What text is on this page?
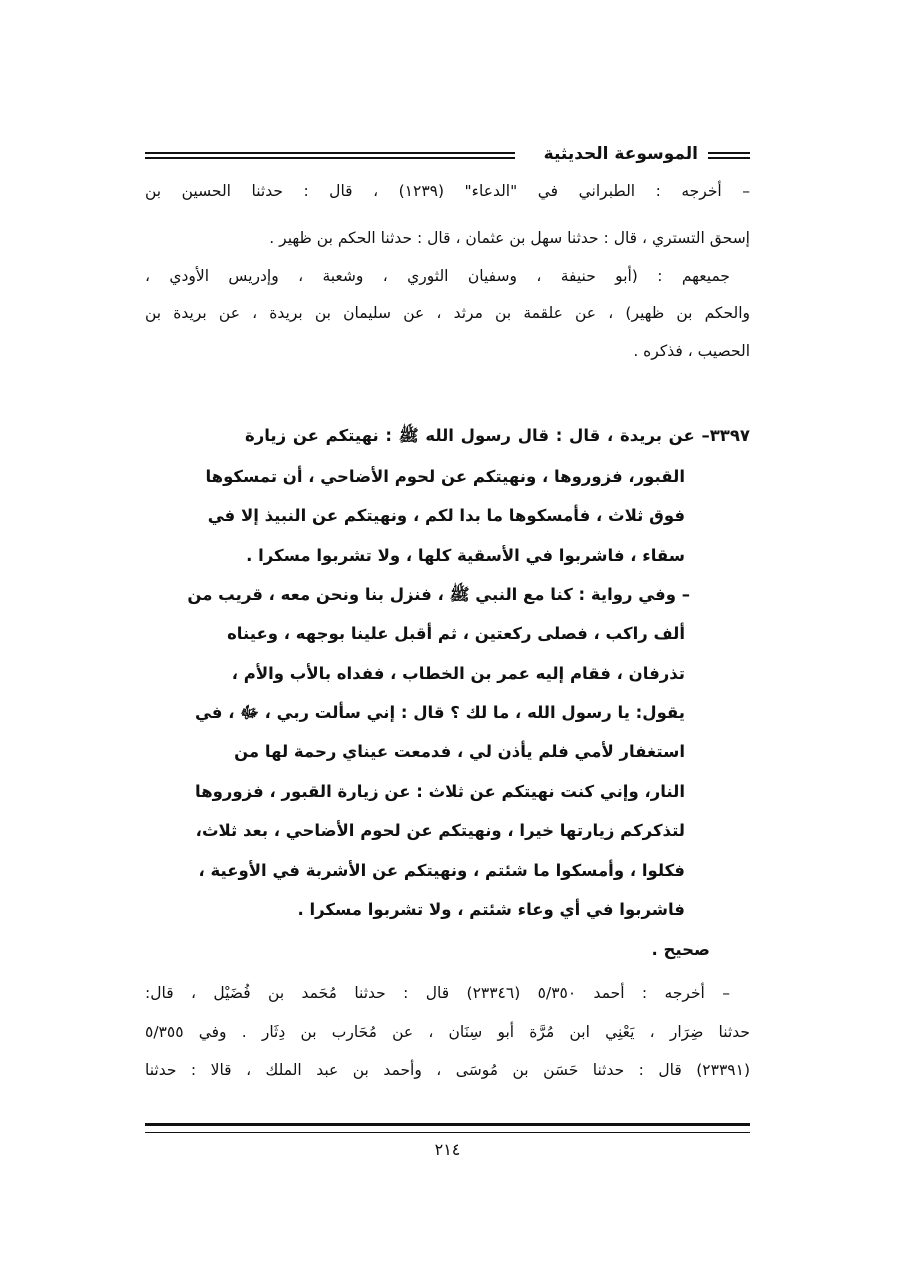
الموسوعة الحديثية
– أخرجه : الطبراني في "الدعاء" (١٢٣٩) ، قال : حدثنا الحسين بن
إسحق التستري ، قال : حدثنا سهل بن عثمان ، قال : حدثنا الحكم بن ظهير .
جميعهم : (أبو حنيفة ، وسفيان الثوري ، وشعبة ، وإدريس الأودي ،
والحكم بن ظهير) ، عن علقمة بن مرثد ، عن سليمان بن بريدة ، عن بريدة بن
الحصيب ، فذكره .
٣٣٩٧– عن بريدة ، قال : قال رسول الله ﷺ : نهيتكم عن زيارة
القبور، فزوروها ، ونهيتكم عن لحوم الأضاحي ، أن تمسكوها
فوق ثلاث ، فأمسكوها ما بدا لكم ، ونهيتكم عن النبيذ إلا في
سقاء ، فاشربوا في الأسقية كلها ، ولا تشربوا مسكرا .
– وفي رواية : كنا مع النبي ﷺ ، فنزل بنا ونحن معه ، قريب من
ألف راكب ، فصلى ركعتين ، ثم أقبل علينا بوجهه ، وعيناه
تذرفان ، فقام إليه عمر بن الخطاب ، ففداه بالأب والأم ،
يقول: يا رسول الله ، ما لك ؟ قال : إني سألت ربي ، ﷻ ، في
استغفار لأمي فلم يأذن لي ، فدمعت عيناي رحمة لها من
النار، وإني كنت نهيتكم عن ثلاث : عن زيارة القبور ، فزوروها
لتذكركم زيارتها خيرا ، ونهيتكم عن لحوم الأضاحي ، بعد ثلاث،
فكلوا ، وأمسكوا ما شئتم ، ونهيتكم عن الأشربة في الأوعية ،
فاشربوا في أي وعاء شئتم ، ولا تشربوا مسكرا .
صحيح .
– أخرجه : أحمد ٥/٣٥٠ (٢٣٣٤٦) قال : حدثنا مُحَمد بن فُضَيْل ، قال:
حدثنا ضِرَار ، يَعْنِي ابن مُرَّة أبو سِنَان ، عن مُحَارب بن دِثَار . وفي ٥/٣٥٥
(٢٣٣٩١) قال : حدثنا حَسَن بن مُوسَى ، وأحمد بن عبد الملك ، قالا : حدثنا
٢١٤
